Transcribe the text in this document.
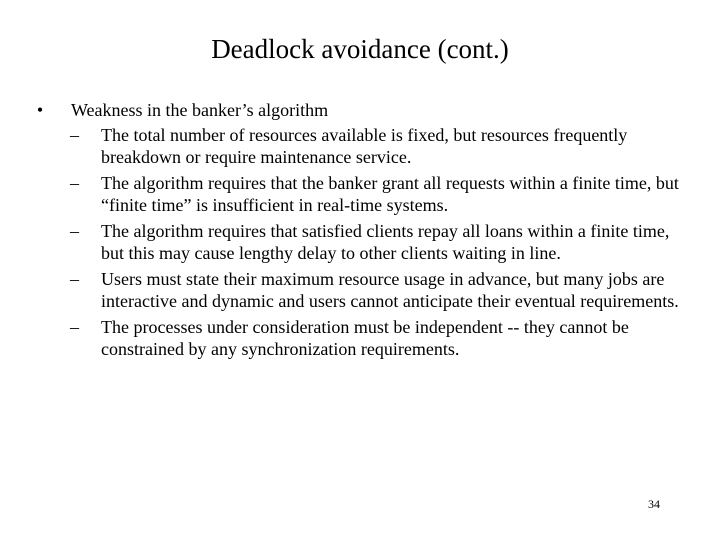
Deadlock avoidance (cont.)
•	Weakness in the banker’s algorithm
– The total number of resources available is fixed, but resources frequently breakdown or require maintenance service.
– The algorithm requires that the banker grant all requests within a finite time, but “finite time” is insufficient in real-time systems.
– The algorithm requires that satisfied clients repay all loans within a finite time, but this may cause lengthy delay to other clients waiting in line.
– Users must state their maximum resource usage in advance, but many jobs are interactive and dynamic and users cannot anticipate their eventual requirements.
– The processes under consideration must be independent -- they cannot be constrained by any synchronization requirements.
34
